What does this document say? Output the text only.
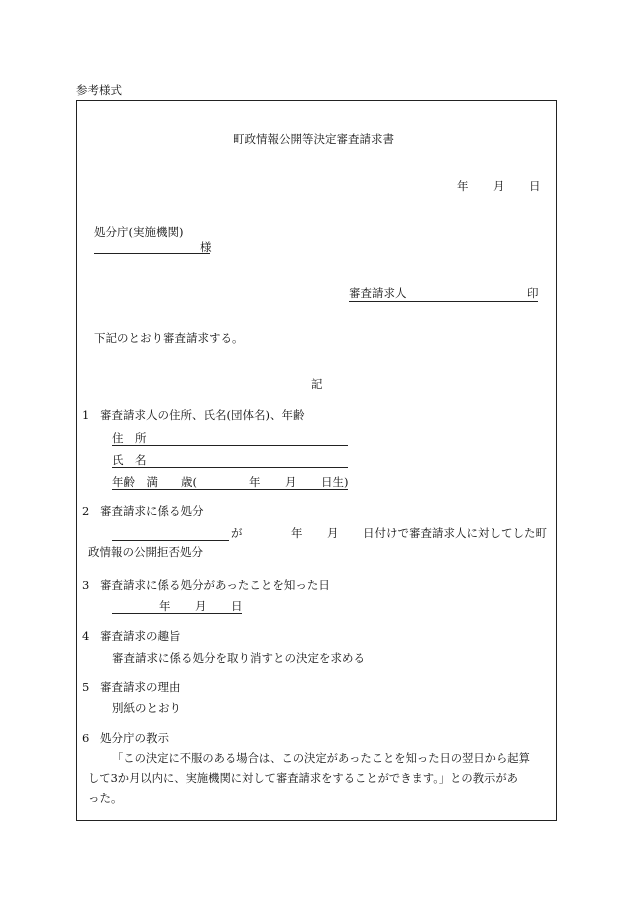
参考様式
町政情報公開等決定審査請求書
年 月 日
処分庁(実施機関)
様
審査請求人	印
下記のとおり審査請求する。
記
1 審査請求人の住所、氏名(団体名)、年齢
住　所
氏　名
年齢　満　　歳(	年 月 日生)
2 審査請求に係る処分
が	年 月 日付けで審査請求人に対してした町
政情報の公開拒否処分
3 審査請求に係る処分があったことを知った日
年 月 日
4 審査請求の趣旨
審査請求に係る処分を取り消すとの決定を求める
5 審査請求の理由
別紙のとおり
6 処分庁の教示
「この決定に不服のある場合は、この決定があったことを知った日の翌日から起算
して3か月以内に、実施機関に対して審査請求をすることができます。」との教示があ
った。
